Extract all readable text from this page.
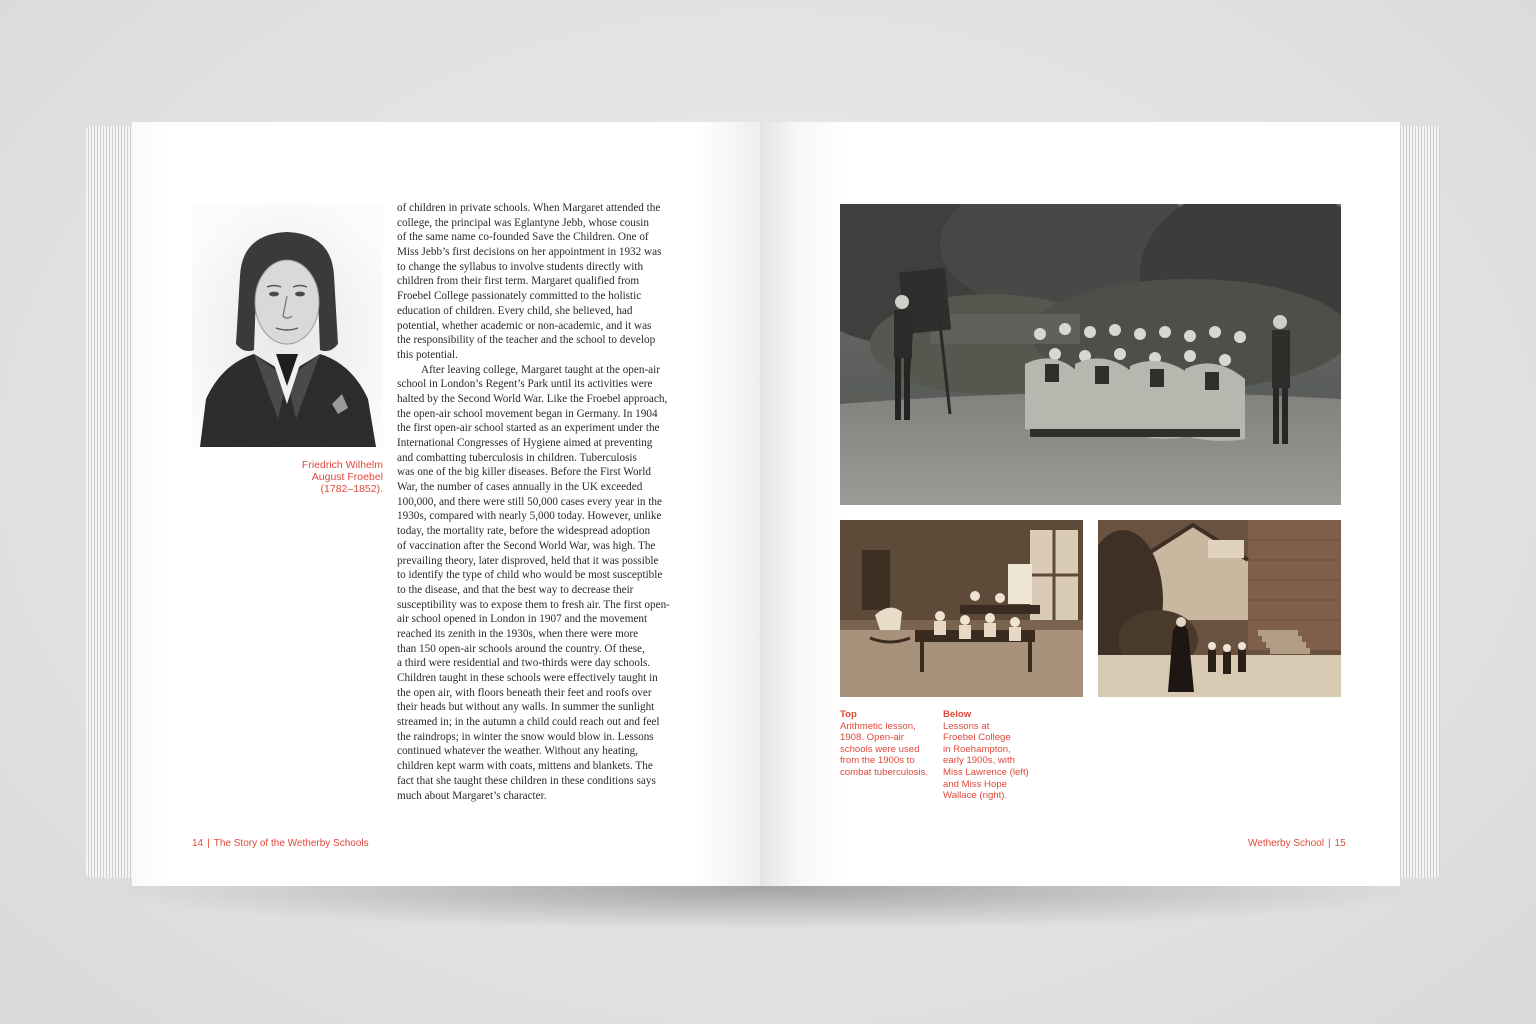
Friedrich Wilhelm
August Froebel
(1782–1852).
of children in private schools. When Margaret attended the
college, the principal was Eglantyne Jebb, whose cousin
of the same name co-founded Save the Children. One of
Miss Jebb’s first decisions on her appointment in 1932 was
to change the syllabus to involve students directly with
children from their first term. Margaret qualified from
Froebel College passionately committed to the holistic
education of children. Every child, she believed, had
potential, whether academic or non-academic, and it was
the responsibility of the teacher and the school to develop
this potential.
After leaving college, Margaret taught at the open-air
school in London’s Regent’s Park until its activities were
halted by the Second World War. Like the Froebel approach,
the open-air school movement began in Germany. In 1904
the first open-air school started as an experiment under the
International Congresses of Hygiene aimed at preventing
and combatting tuberculosis in children. Tuberculosis
was one of the big killer diseases. Before the First World
War, the number of cases annually in the UK exceeded
100,000, and there were still 50,000 cases every year in the
1930s, compared with nearly 5,000 today. However, unlike
today, the mortality rate, before the widespread adoption
of vaccination after the Second World War, was high. The
prevailing theory, later disproved, held that it was possible
to identify the type of child who would be most susceptible
to the disease, and that the best way to decrease their
susceptibility was to expose them to fresh air. The first open-
air school opened in London in 1907 and the movement
reached its zenith in the 1930s, when there were more
than 150 open-air schools around the country. Of these,
a third were residential and two-thirds were day schools.
Children taught in these schools were effectively taught in
the open air, with floors beneath their feet and roofs over
their heads but without any walls. In summer the sunlight
streamed in; in the autumn a child could reach out and feel
the raindrops; in winter the snow would blow in. Lessons
continued whatever the weather. Without any heating,
children kept warm with coats, mittens and blankets. The
fact that she taught these children in these conditions says
much about Margaret’s character.
Top
Arithmetic lesson,
1908. Open-air
schools were used
from the 1900s to
combat tuberculosis.
Below
Lessons at
Froebel College
in Roehampton,
early 1900s, with
Miss Lawrence (left)
and Miss Hope
Wallace (right).
14 | The Story of the Wetherby Schools	Wetherby School | 15
